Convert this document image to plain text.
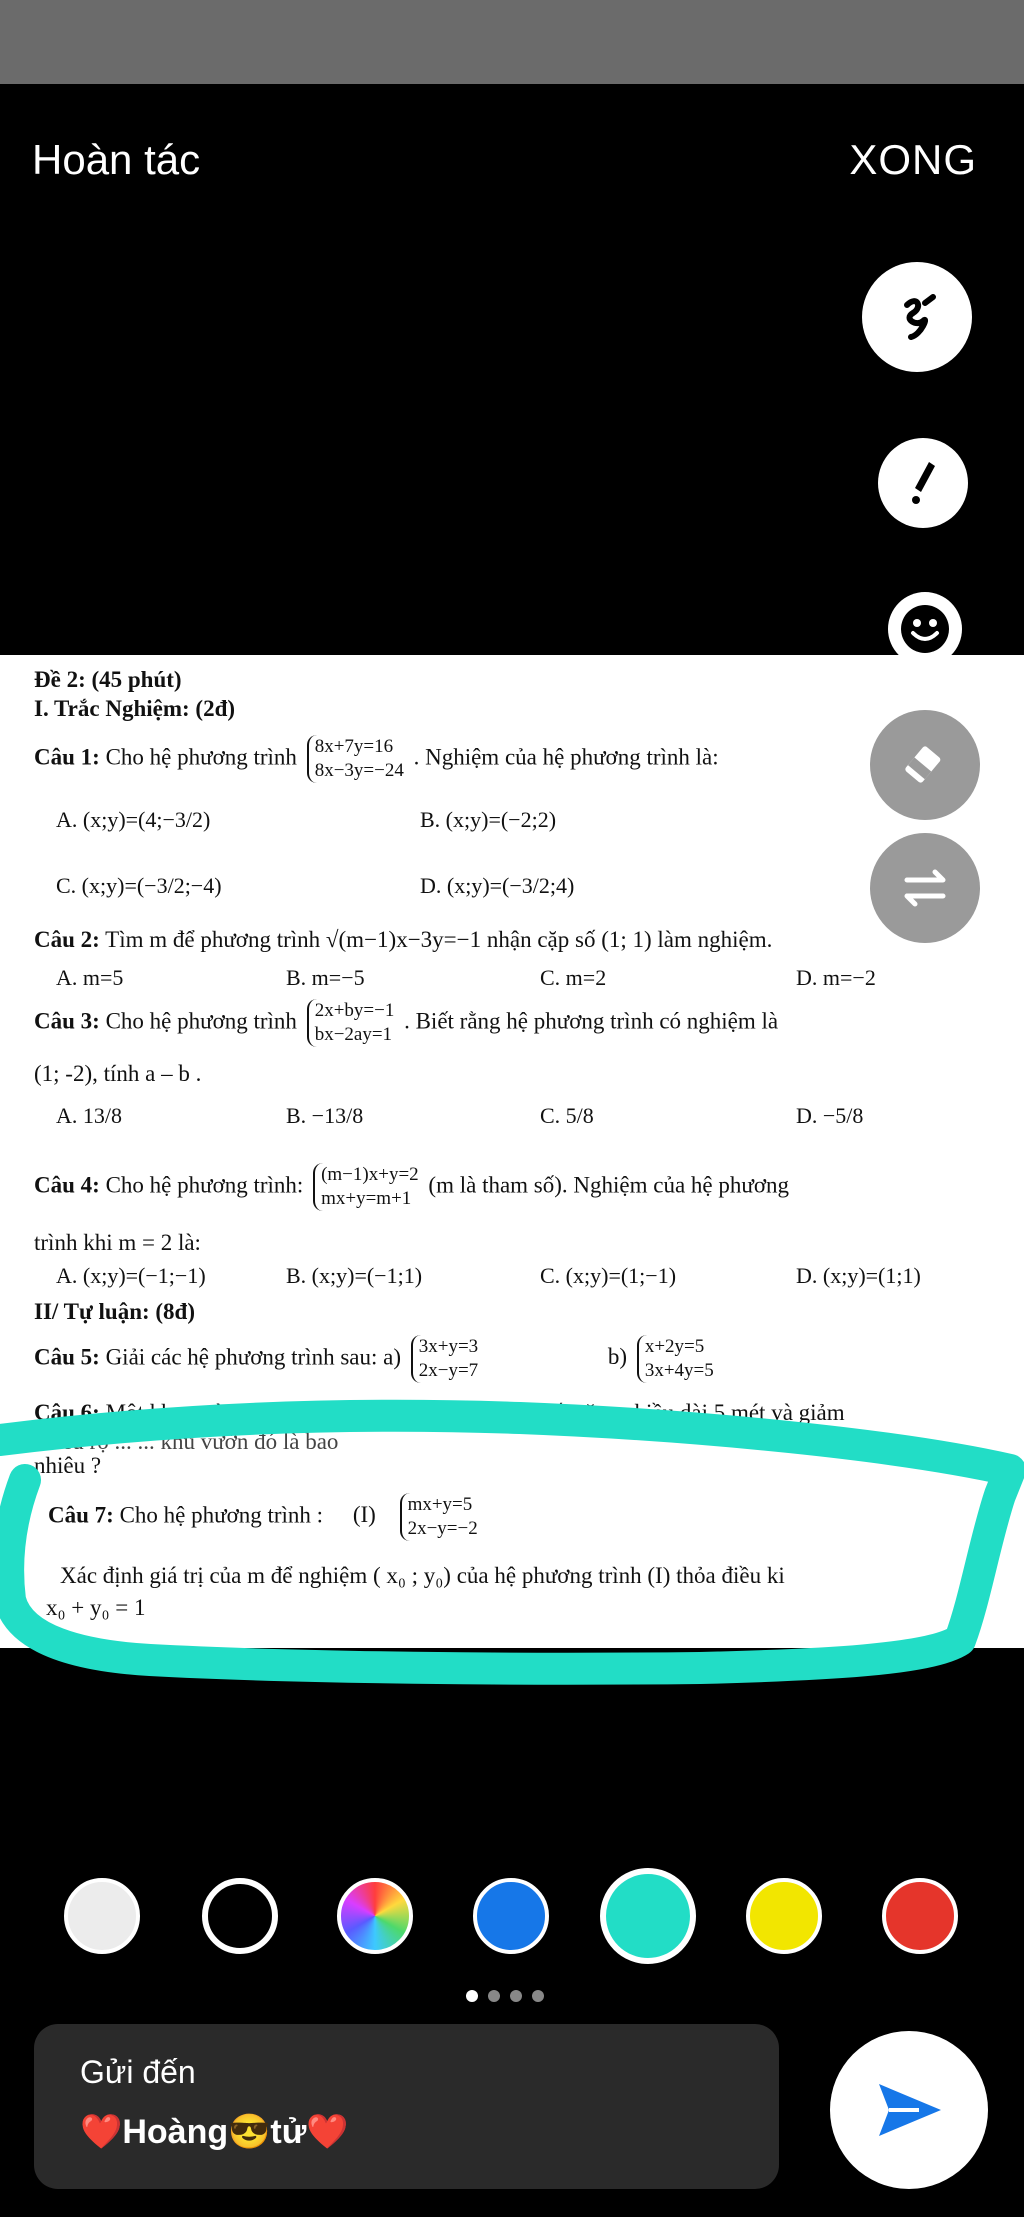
Hoàn tác	XONG
Đề 2: (45 phút)
I. Trắc Nghiệm: (2đ)
Câu 1: Cho hệ phương trình 8x+7y=16
8x−3y=−24 . Nghiệm của hệ phương trình là:
A. (x;y)=(4;−3/2)	B. (x;y)=(−2;2)
C. (x;y)=(−3/2;−4)	D. (x;y)=(−3/2;4)
Câu 2: Tìm m để phương trình √(m−1)x−3y=−1 nhận cặp số (1; 1) làm nghiệm.
A. m=5	B. m=−5	C. m=2	D. m=−2
Câu 3: Cho hệ phương trình 2x+by=−1
bx−2ay=1 . Biết rằng hệ phương trình có nghiệm là
(1; -2), tính a – b .
A. 13/8	B. −13/8	C. 5/8	D. −5/8
Câu 4: Cho hệ phương trình: (m−1)x+y=2
mx+y=m+1 (m là tham số). Nghiệm của hệ phương
trình khi m = 2 là:
A. (x;y)=(−1;−1)	B. (x;y)=(−1;1)	C. (x;y)=(1;−1)	D. (x;y)=(1;1)
II/ Tự luận: (8đ)
Câu 5: Giải các hệ phương trình sau: a) 3x+y=3
2x−y=7 b) x+2y=5
3x+4y=5
Câu 6: Một khu vườn hình chữ nhật có chu vi 46 mét, nếu tăng chiều dài 5 mét và giảm
chiều rộ ... ... khu vườn đó là bao
nhiêu ?
Câu 7: Cho hệ phương trình : (I) mx+y=5
2x−y=−2
Xác định giá trị của m để nghiệm ( x₀ ; y₀) của hệ phương trình (I) thỏa điều ki
x₀ + y₀ = 1
Gửi đến
❤️Hoàng😎tử❤️
